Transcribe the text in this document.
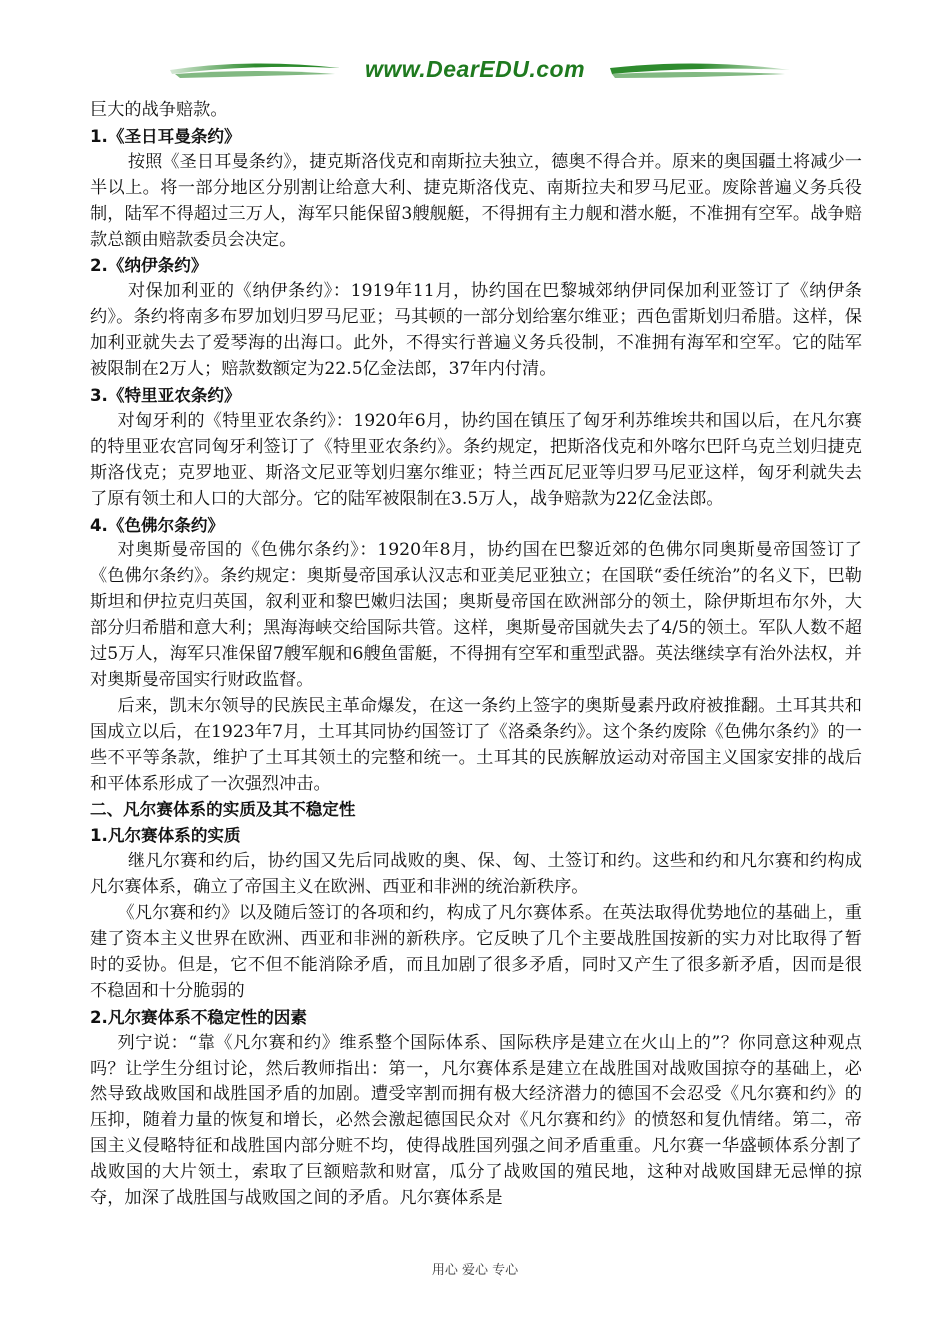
www.DearEDU.com

巨大的战争赔款。

1.《圣日耳曼条约》

按照《圣日耳曼条约》，捷克斯洛伐克和南斯拉夫独立，德奥不得合并。原来的奥国疆土将减少一半以上。将一部分地区分别割让给意大利、捷克斯洛伐克、南斯拉夫和罗马尼亚。废除普遍义务兵役制，陆军不得超过三万人，海军只能保留3艘舰艇，不得拥有主力舰和潜水艇，不准拥有空军。战争赔款总额由赔款委员会决定。

2.《纳伊条约》

对保加利亚的《纳伊条约》：1919年11月，协约国在巴黎城郊纳伊同保加利亚签订了《纳伊条约》。条约将南多布罗加划归罗马尼亚；马其顿的一部分划给塞尔维亚；西色雷斯划归希腊。这样，保加利亚就失去了爱琴海的出海口。此外，不得实行普遍义务兵役制，不准拥有海军和空军。它的陆军被限制在2万人；赔款数额定为22.5亿金法郎，37年内付清。

3.《特里亚农条约》

对匈牙利的《特里亚农条约》：1920年6月，协约国在镇压了匈牙利苏维埃共和国以后，在凡尔赛的特里亚农宫同匈牙利签订了《特里亚农条约》。条约规定，把斯洛伐克和外喀尔巴阡乌克兰划归捷克斯洛伐克；克罗地亚、斯洛文尼亚等划归塞尔维亚；特兰西瓦尼亚等归罗马尼亚这样，匈牙利就失去了原有领土和人口的大部分。它的陆军被限制在3.5万人，战争赔款为22亿金法郎。

4.《色佛尔条约》

对奥斯曼帝国的《色佛尔条约》：1920年8月，协约国在巴黎近郊的色佛尔同奥斯曼帝国签订了《色佛尔条约》。条约规定：奥斯曼帝国承认汉志和亚美尼亚独立；在国联“委任统治”的名义下，巴勒斯坦和伊拉克归英国，叙利亚和黎巴嫩归法国；奥斯曼帝国在欧洲部分的领土，除伊斯坦布尔外，大部分归希腊和意大利；黑海海峡交给国际共管。这样，奥斯曼帝国就失去了4/5的领土。军队人数不超过5万人，海军只准保留7艘军舰和6艘鱼雷艇，不得拥有空军和重型武器。英法继续享有治外法权，并对奥斯曼帝国实行财政监督。

后来，凯末尔领导的民族民主革命爆发，在这一条约上签字的奥斯曼素丹政府被推翻。土耳其共和国成立以后，在1923年7月，土耳其同协约国签订了《洛桑条约》。这个条约废除《色佛尔条约》的一些不平等条款，维护了土耳其领土的完整和统一。土耳其的民族解放运动对帝国主义国家安排的战后和平体系形成了一次强烈冲击。

二、凡尔赛体系的实质及其不稳定性

1.凡尔赛体系的实质

继凡尔赛和约后，协约国又先后同战败的奥、保、匈、土签订和约。这些和约和凡尔赛和约构成凡尔赛体系，确立了帝国主义在欧洲、西亚和非洲的统治新秩序。

《凡尔赛和约》以及随后签订的各项和约，构成了凡尔赛体系。在英法取得优势地位的基础上，重建了资本主义世界在欧洲、西亚和非洲的新秩序。它反映了几个主要战胜国按新的实力对比取得了暂时的妥协。但是，它不但不能消除矛盾，而且加剧了很多矛盾，同时又产生了很多新矛盾，因而是很不稳固和十分脆弱的

2.凡尔赛体系不稳定性的因素

列宁说：“靠《凡尔赛和约》维系整个国际体系、国际秩序是建立在火山上的”？你同意这种观点吗？让学生分组讨论，然后教师指出：第一，凡尔赛体系是建立在战胜国对战败国掠夺的基础上，必然导致战败国和战胜国矛盾的加剧。遭受宰割而拥有极大经济潜力的德国不会忍受《凡尔赛和约》的压抑，随着力量的恢复和增长，必然会激起德国民众对《凡尔赛和约》的愤怒和复仇情绪。第二，帝国主义侵略特征和战胜国内部分赃不均，使得战胜国列强之间矛盾重重。凡尔赛一华盛顿体系分割了战败国的大片领土，索取了巨额赔款和财富，瓜分了战败国的殖民地，这种对战败国肆无忌惮的掠夺，加深了战胜国与战败国之间的矛盾。凡尔赛体系是

用心 爱心 专心
